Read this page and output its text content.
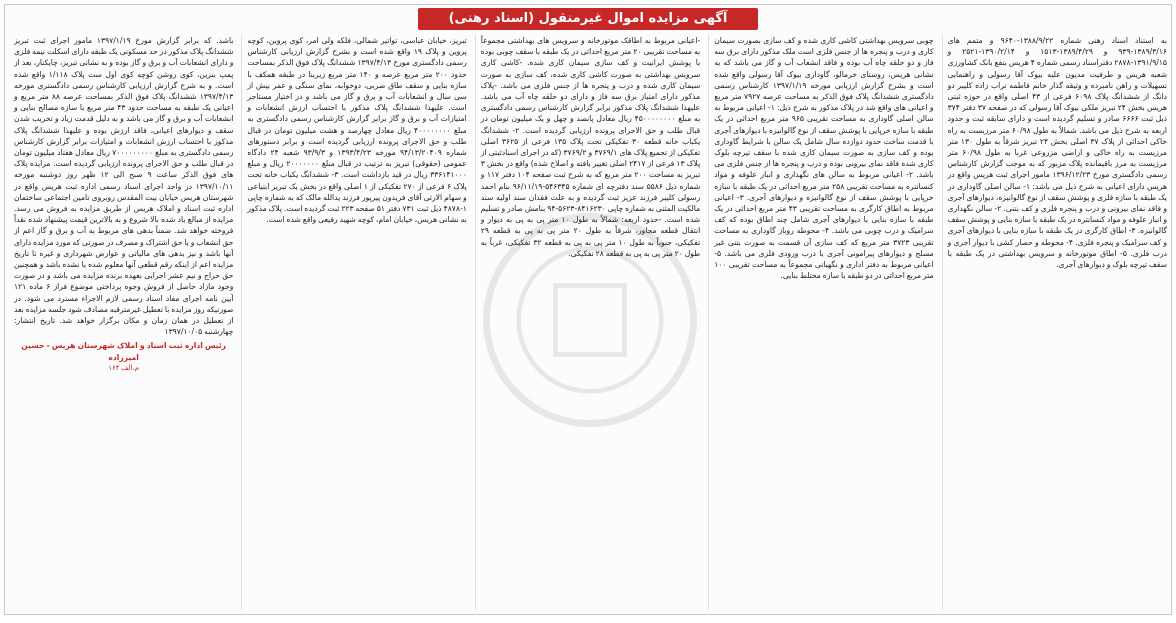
آگهی مزایده اموال غیرمنقول (اسناد رهنی)

به استناد اسناد رهنی شماره ۱۳۸۸/۹/۲۲-۹۶۴۰ و متمم های ۱۳۸۹/۳/۱۶-۹۳۹ و ۱۳۸۹/۴/۲۹-۱۵۱۳ و ۱۳۹۰/۲/۱۴-۲۵۲۱ و ۱۳۹۱/۹/۱۵-۲۸۷۸ دفتراسناد رسمی شماره ۴ هریس بنفع بانک کشاورزی شعبه هریس و طرفیت مدیون علیه بیوک آقا رسولی و راهنمایی تسهیلات و راهن نامبرده و وثیقه گذار خانم فاطمه تراب زاده کلیبر دو دانگ از ششدانگ پلاک ۶۰۹۸ فرعی از ۴۳ اصلی واقع در حوزه ثبتی هریس بخش ۲۴ تبریز ملکی بیوک آقا رسولی که در صفحه ۳۷ دفتر ۳۷۴ ذیل ثبت ۶۶۶۶ صادر و تسلیم گردیده است و دارای سابقه ثبت و حدود اربعه به شرح ذیل می باشد. شمالاً به طول ۶۰/۹۸ متر مرزیست به راه خاکی احداثی از پلاک ۳۷ اصلی بخش ۲۴ تبریز شرقاً به طول ۱۳۰ متر مرزیست به راه خاکی و اراضی مزروعی غربا به طول ۶۰/۹۸ متر مرزیست به مرز باقیمانده پلاک مزبور که به موجب گزارش کارشناس رسمی دادگستری مورخ ۱۳۹۶/۱۲/۲۳ مامور اجرای ثبت هریس واقع در هریس دارای اعیانی به شرح ذیل می باشد: ۱- سالن اصلی گاوداری در یک طبقه با سازه فلزی و پوشش سقف از نوع گالوانیزه، دیوارهای آجری و فاقد نمای بیرونی و درب و پنجره فلزی و کف بتنی. ۲- سالن نگهداری و انبار علوفه و مواد کنسانتره در یک طبقه با سازه بنایی و پوشش سقف گالوانیزه. ۳- اطاق کارگری در یک طبقه با سازه بنایی با دیوارهای آجری و کف سرامیک و پنجره فلزی. ۴- محوطه و حصار کشی با دیوار آجری و درب فلزی. ۵- اطاق موتورخانه و سرویس بهداشتی در یک طبقه با سقف تیرچه بلوک و دیوارهای آجری.

چوبی سرویس بهداشتی کاشی کاری شده و کف سازی بصورت سیمان کاری و درب و پنجره ها از جنس فلزی است ملک مذکور دارای برق سه فاز و دو حلقه چاه آب بوده و فاقد انشعاب آب و گاز می باشد که به نشانی هریس، روستای خرمالو، گاوداری بیوک آقا رسولی واقع شده است و بشرح گزارش ارزیابی مورخه ۱۳۹۷/۱/۱۹ کارشناس رسمی دادگستری ششدانگ پلاک فوق الذکر به مساحت عرصه ۷۹۲۷ متر مربع و اعیانی های واقع شد در پلاک مذکور به شرح ذیل: ۱- اعیانی مربوط به سالن اصلی گاوداری به مساحت تقریبی ۹۶۵ متر مربع احداثی در یک طبقه با سازه خرپایی با پوشش سقف از نوع گالوانیزه با دیوارهای آجری با قدمت ساخت حدود دوازده سال شامل یک سالن با شرایط گاوداری بوده و کف سازی به صورت سیمان کاری شده با سقف تیرچه بلوک کاری شده فاقد نمای بیرونی بوده و درب و پنجره ها از جنس فلزی می باشد. ۲- اعیانی مربوط به سالن های نگهداری و انبار علوفه و مواد کنسانتره به مساحت تقریبی ۲۵۸ متر مربع احداثی در یک طبقه با سازه خرپایی با پوشش سقف از نوع گالوانیزه و دیوارهای آجری. ۳- اعیانی مربوط به اطاق کارگری به مساحت تقریبی ۴۳ متر مربع احداثی در یک طبقه با سازه بنایی با دیوارهای آجری شامل چند اطاق بوده که کف سرامیک و درب چوبی می باشد. ۴- محوطه روباز گاوداری به مساحت تقریبی ۳۷۲۳ متر مربع که کف سازی آن قسمت به صورت بتنی غیر مسلح و دیوارهای پیرامونی آجری با درب ورودی فلزی می باشد. ۵- اعیانی مربوط به دفتر اداری و نگهبانی مجموعاً به مساحت تقریبی ۱۰۰ متر مربع احداثی در دو طبقه با سازه مختلط بنایی.

-اعیانی مربوط به اطاقک موتورخانه و سرویس های بهداشتی مجموعاً به مساحت تقریبی ۲۰ متر مربع احداثی در یک طبقه با سقف چوبی بوده با پوشش ایرانیت و کف سازی سیمان کاری شده. -کاشی کاری سرویس بهداشتی به صورت کاشی کاری شده، کف سازی به صورت سیمان کاری شده و درب و پنجره ها از جنس فلزی می باشد. -پلاک مذکور دارای امتیاز برق سه فاز و دارای دو حلقه چاه آب می باشد. علیهذا ششدانگ پلاک مذکور برابر گزارش کارشناس رسمی دادگستری به مبلغ ۴۵۰۰۰۰۰۰۰۰ ریال معادل پانصد و چهل و یک میلیون تومان در قبال طلب و حق الاجرای پرونده ارزیابی گردیده است. ۲- ششدانگ یکباب خانه قطعه ۳۰ تفکیکی تحت پلاک ۱۳۵ فرعی از ۳۶۲۵ اصلی تفکیکی از تجمیع پلاک های ۳۷۶۹/۱ و ۳۷۶۹/۲ (که در اجرای اسنادثبتی از پلاک ۱۳ فرعی از ۲۴۱۷ اصلی تغییر یافته و اصلاح شده) واقع در بخش ۳ تبریز به مساحت ۲۰۰ متر مربع که به شرح ثبت صفحه ۱۰۴ دفتر ۱۱۷ و شماره ذیل ۵۵۸۶ سند دفترچه ای شماره ۵۴۶۳۴۵-۹۶/۱۱/۱۹ بنام احمد رسولی کلیبر فرزند عزیز ثبت گردیده و به علت فقدان سند اولیه سند مالکیت المثنی به شماره چاپی ۸۴۱۶۲۳۰-۵۶۲۳-۹۴ بنامش صادر و تسلیم شده است. -حدود اربعه: شمالاً به طول ۱۰ متر پی به پی به دیوار و انتقال قطعه مجاور، شرقاً به طول ۲۰ متر پی به پی به قطعه ۲۹ تفکیکی، جنوباً به طول ۱۰ متر پی به پی به قطعه ۳۲ تفکیکی، غرباً به طول ۲۰ متر پی به پی به قطعه ۲۸ تفکیکی.

تبریز، خیابان عباسی، تواتیر شمالی، فلکه ولی امر، کوی پروین، کوچه پروین و پلاک ۱۹ واقع شده است و بشرح گزارش ارزیابی کارشناس رسمی دادگستری مورخ ۱۳۹۷/۴/۱۳ ششدانگ پلاک فوق الذکر بمساحت حدود ۲۰۰ متر مربع عرصه و ۱۴۰ متر مربع زیربنا در طبقه همکف با سازه بنایی و سقف طاق ضربی، دوخوابه، نمای سنگی و عمر بیش از سی سال و انشعابات آب و برق و گاز می باشد و در اختیار مستاجر است. علیهذا ششدانگ پلاک مذکور با احتساب ارزش انشعابات و امتیازات آب و برق و گاز برابر گزارش کارشناس رسمی دادگستری به مبلغ ۴۰۰۰۰۰۰۰۰ ریال معادل چهارصد و هشت میلیون تومان در قبال طلب و حق الاجرای پرونده ارزیابی گردیده است و برابر دستورهای شماره ۹۴/۱۳/۲۰۴۰۹ مورخه ۱۳۹۳/۴/۲۳ و ۹۳/۹/۳ شعبه ۲۴ دادگاه عمومی (حقوقی) تبریز به ترتیب در قبال مبلغ ۲۰۰۰۰۰۰۰ ریال و مبلغ ۳۳۶۱۴۱۰۰۰ ریال در قید بازداشت است. ۳- ششدانگ یکباب خانه تحت پلاک ۶ فرعی از ۲۷۰ تفکیکی از ۱ اصلی واقع در بخش یک تبریز ابتیاعی و سهام الارثی آقای فریدون پیرپور فرزند یدالله مالک که به شماره چاپی ۱-۴۸۷۸ ذیل ثبت ۷۳۱ دفتر ۵۱ صفحه ۲۲۳ ثبت گردیده است. پلاک مذکور به نشانی هریس، خیابان امام، کوچه شهید رفیعی واقع شده است.

باشد. که برابر گزارش مورخ ۱۳۹۷/۱/۱۹ مامور اجرای ثبت تبریز ششدانگ پلاک مذکور در حد مسکونی یک طبقه دارای اسکلت نیمه فلزی و دارای انشعابات آب و برق و گاز بوده و به نشانی تبریز، چایکنار، بعد از پمپ بنزین، کوی روشن کوچه کوی اول ست پلاک ۱/۱۱۸ واقع شده است. و به شرح گزارش ارزیابی کارشناس رسمی دادگستری مورخه ۱۳۹۷/۴/۱۳ ششدانگ پلاک فوق الذکر بمساحت عرصه ۸۸ متر مربع و اعیانی یک طبقه به مساحت حدود ۴۳ متر مربع با سازه مصالح بنایی و انشعابات آب و برق و گاز می باشد و به دلیل قدمت زیاد و تخریب شدن سقف و دیوارهای اعیانی، فاقد ارزش بوده و علیهذا ششدانگ پلاک مذکور با احتساب ارزش انشعابات و امتیازات برابر گزارش کارشناس رسمی دادگستری به مبلغ ۷۰۰۰۰۰۰۰۰۰ ریال معادل هفتاد میلیون تومان در قبال طلب و حق الاجرای پرونده ارزیابی گردیده است. مزایده پلاک های فوق الذکر ساعت ۹ صبح الی ۱۲ ظهر روز دوشنبه مورخه ۱۳۹۷/۱۰/۱۱ در واحد اجرای اسناد رسمی اداره ثبت هریس واقع در شهرستان هریس خیابان بیت المقدس روبروی تامین اجتماعی ساختمان اداره ثبت اسناد و املاک هریس از طریق مزایده به فروش می رسد. مزایده از مبالغ یاد شده بالا شروع و به بالاترین قیمت پیشنهاد شده نقداً فروخته خواهد شد. ضمناً بدهی های مربوط به آب و برق و گاز اعم از حق انشعاب و یا حق اشتراک و مصرف در صورتی که مورد مزایده دارای آنها باشد و نیز بدهی های مالیاتی و عوارض شهرداری و غیره تا تاریخ مزایده اعم از اینکه رقم قطعی آنها معلوم شده یا نشده باشد و همچنین حق حراج و نیم عشر اجرایی بعهده برنده مزایده می باشد و در صورت وجود مازاد حاصل از فروش وجوه پرداختی موضوع فراز ۶ ماده ۱۲۱ آیین نامه اجرای مفاد اسناد رسمی لازم الاجراء مسترد می شود. در صورتیکه روز مزایده با تعطیل غیرمترقبه مصادف شود جلسه مزایده بعد از تعطیل در همان زمان و مکان برگزار خواهد شد. تاریخ انتشار: چهارشنبه ۱۳۹۷/۱۰/۰۵

رئیس اداره ثبت اسناد و املاک شهرستان هریس - حسین امیرزاده
م.الف ۱۶۴
